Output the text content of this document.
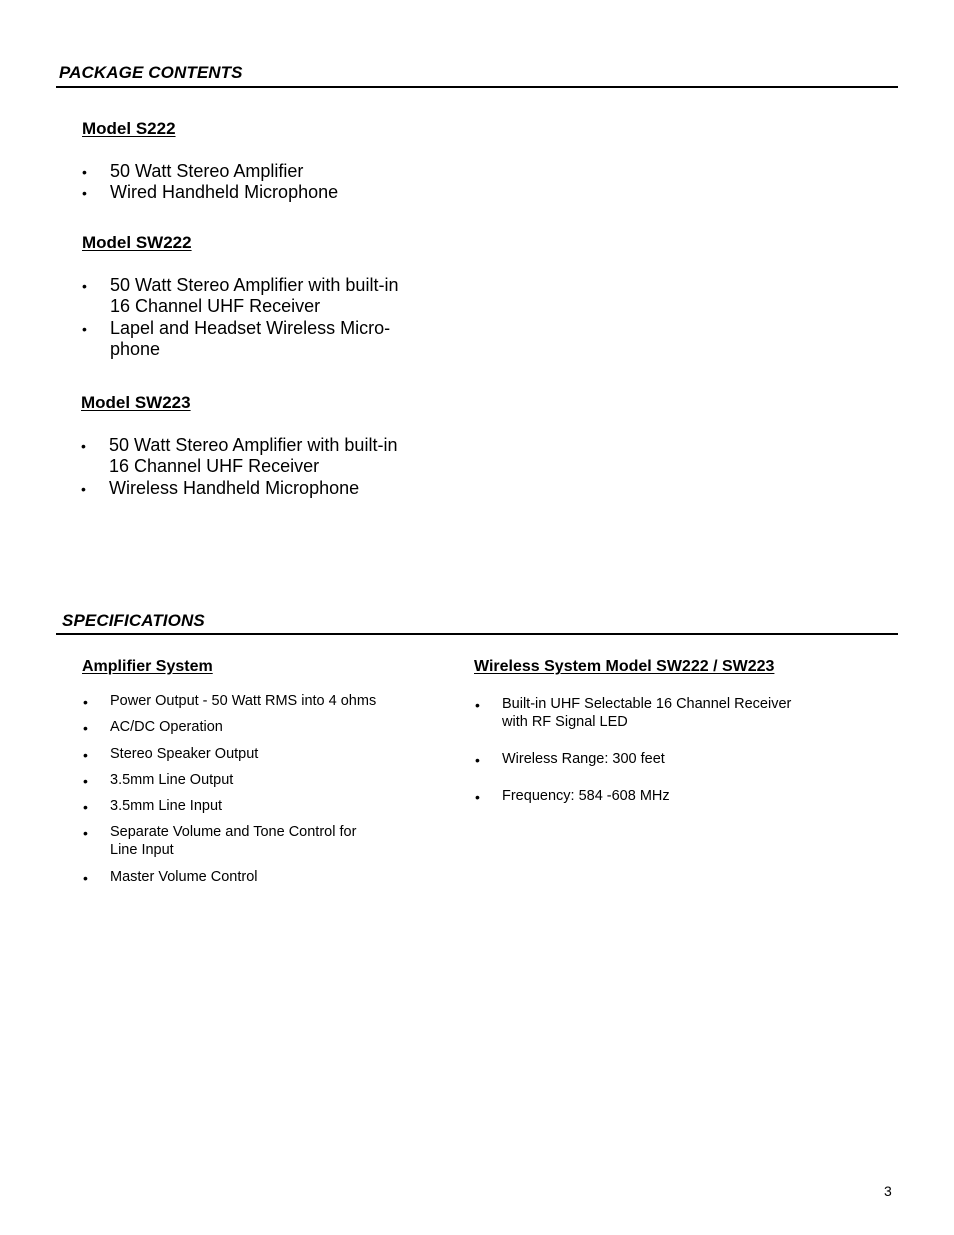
PACKAGE CONTENTS
Model S222
• 50 Watt Stereo Amplifier
• Wired Handheld Microphone
Model SW222
• 50 Watt Stereo Amplifier with built-in
16 Channel UHF Receiver
• Lapel and Headset Wireless Micro-
phone
Model SW223
• 50 Watt Stereo Amplifier with built-in
16 Channel UHF Receiver
• Wireless Handheld Microphone
SPECIFICATIONS
Amplifier System
• Power Output - 50 Watt RMS into 4 ohms
• AC/DC Operation
• Stereo Speaker Output
• 3.5mm Line Output
• 3.5mm Line Input
• Separate Volume and Tone Control for
Line Input
• Master Volume Control
Wireless System Model SW222 / SW223
• Built-in UHF Selectable 16 Channel Receiver
with RF Signal LED
• Wireless Range: 300 feet
• Frequency: 584 -608 MHz
3
